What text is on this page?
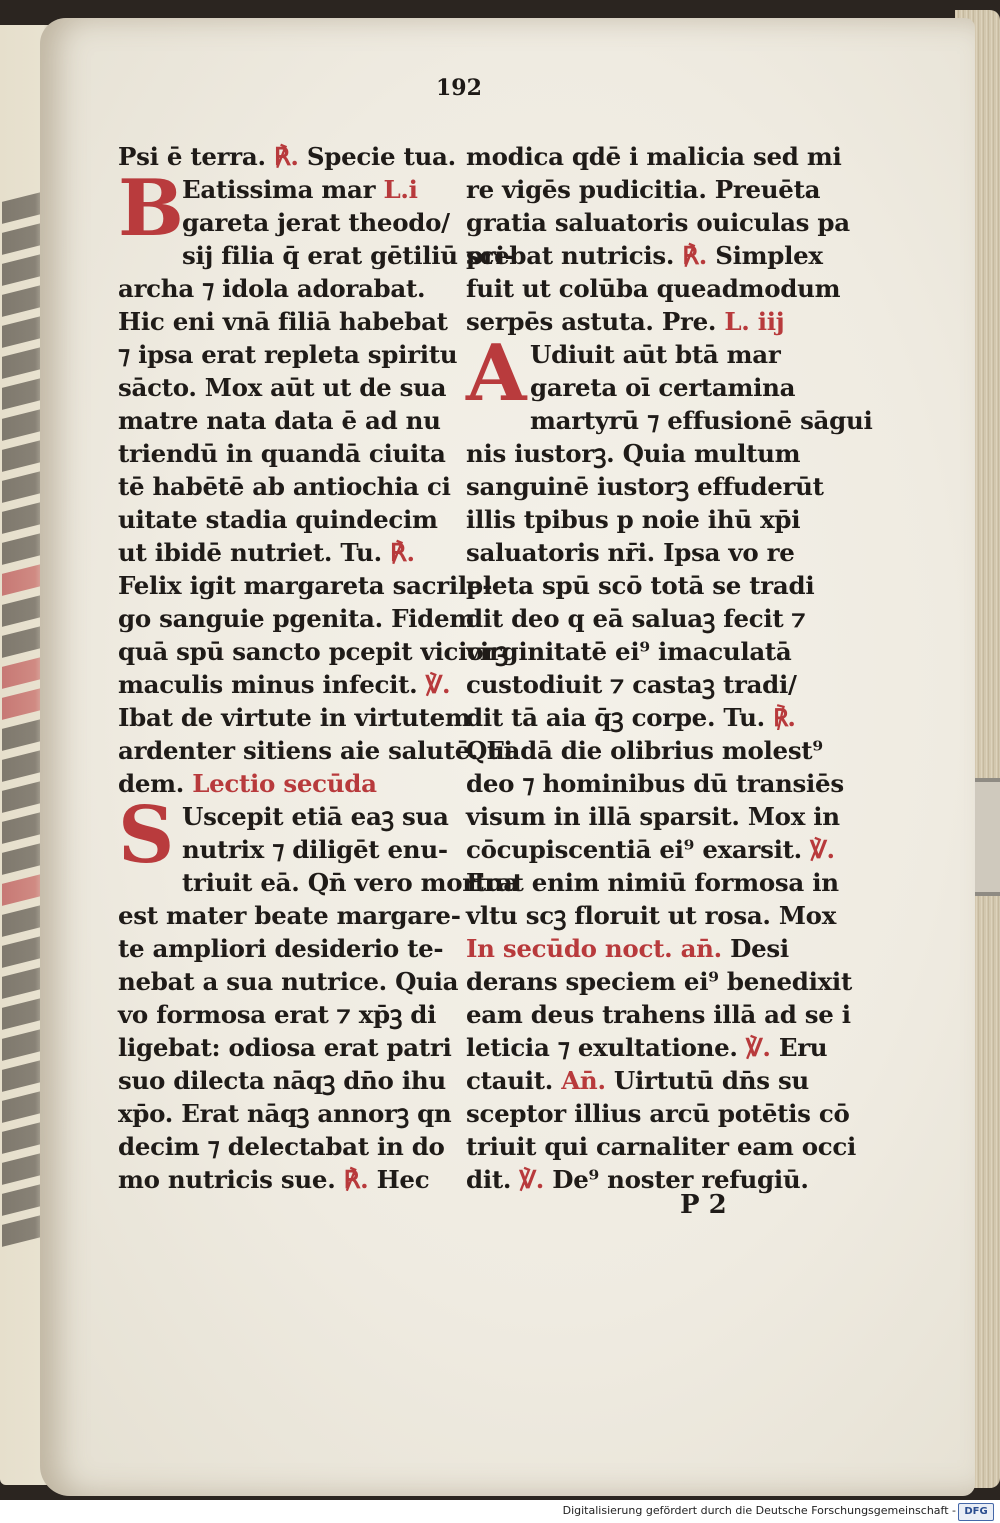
192
Psi ē terra. ℟. Specie tua.
B
Eatissima mar L.i
gareta jerat theodo/
sij filia q̄ erat gētiliū pri-
archa ⁊ idola adorabat.
Hic eni vnā filiā habebat
⁊ ipsa erat repleta spiritu
sācto. Mox aūt ut de sua
matre nata data ē ad nu
triendū in quandā ciuita
tē habētē ab antiochia ci
uitate stadia quindecim
ut ibidē nutriet. Tu. ℟.
Felix igit margareta sacrile-
go sanguie pgenita. Fidem
quā spū sancto pcepit viciorꝫ
maculis minus infecit. ℣.
Ibat de virtute in virtutem
ardenter sitiens aie salutē. Fi
dem. Lectio secūda
S Uscepit etiā eaꝫ sua
nutrix ⁊ diligēt enu-
triuit eā. Qn̄ vero mortua
est mater beate margare-
te ampliori desiderio te-
nebat a sua nutrice. Quia
vo formosa erat ⁊ xp̄ꝫ di
ligebat: odiosa erat patri
suo dilecta nāqꝫ dn̄o ihu
xp̄o. Erat nāqꝫ annorꝫ qn
decim ⁊ delectabat in do
mo nutricis sue. ℟. Hec
modica qdē i malicia sed mi
re vigēs pudicitia. Preuēta
gratia saluatoris ouiculas pa
scebat nutricis. ℟. Simplex
fuit ut colūba queadmodum
serpēs astuta. Pre. L. iij
A Udiuit aūt btā mar
gareta oī certamina
martyrū ⁊ effusionē sāgui
nis iustorꝫ. Quia multum
sanguinē iustorꝫ effuderūt
illis tpibus p noie ihū xp̄i
saluatoris nr̄i. Ipsa vo re
pleta spū scō totā se tradi
dit deo q eā saluaꝫ fecit ⁊
virginitatē ei⁹ imaculatā
custodiuit ⁊ castaꝫ tradi/
dit tā aia q̄ꝫ corpe. Tu. ℟.
Quadā die olibrius molest⁹
deo ⁊ hominibus dū transiēs
visum in illā sparsit. Mox in
cōcupiscentiā ei⁹ exarsit. ℣.
Erat enim nimiū formosa in
vltu scꝫ floruit ut rosa. Mox
In secūdo noct. an̄. Desi
derans speciem ei⁹ benedixit
eam deus trahens illā ad se i
leticia ⁊ exultatione. ℣. Eru
ctauit. An̄. Uirtutū dn̄s su
sceptor illius arcū potētis cō
triuit qui carnaliter eam occi
dit. ℣. De⁹ noster refugiū.
P 2
Digitalisierung gefördert durch die Deutsche Forschungsgemeinschaft - DFG
